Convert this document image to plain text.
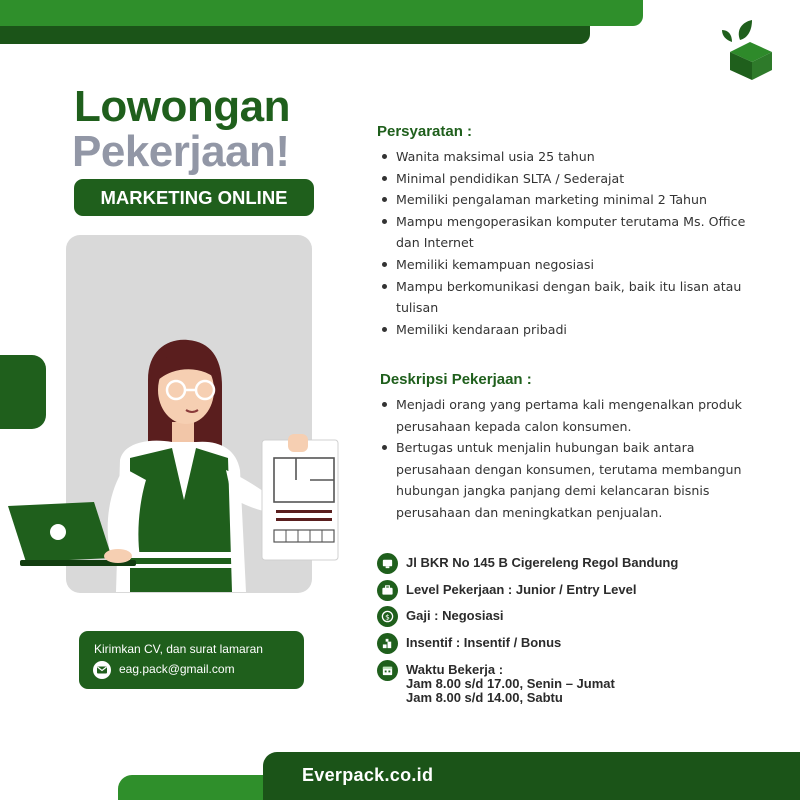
Everpack.co.id
Lowongan
Pekerjaan!
MARKETING ONLINE
Kirimkan CV, dan surat lamaran
eag.pack@gmail.com
Persyaratan :
Wanita maksimal usia 25 tahun
Minimal pendidikan SLTA / Sederajat
Memiliki pengalaman marketing minimal 2 Tahun
Mampu mengoperasikan komputer terutama Ms. Office dan Internet
Memiliki kemampuan negosiasi
Mampu berkomunikasi dengan baik, baik itu lisan atau tulisan
Memiliki kendaraan pribadi
Deskripsi Pekerjaan :
Menjadi orang yang pertama kali mengenalkan produk perusahaan kepada calon konsumen.
Bertugas untuk menjalin hubungan baik antara perusahaan dengan konsumen, terutama membangun hubungan jangka panjang demi kelancaran bisnis perusahaan dan meningkatkan penjualan.
Jl BKR No 145 B Cigereleng Regol Bandung
Level Pekerjaan : Junior / Entry Level
$ Gaji : Negosiasi
Insentif : Insentif / Bonus
Waktu Bekerja :
Jam 8.00 s/d 17.00, Senin – Jumat
Jam 8.00 s/d 14.00, Sabtu
